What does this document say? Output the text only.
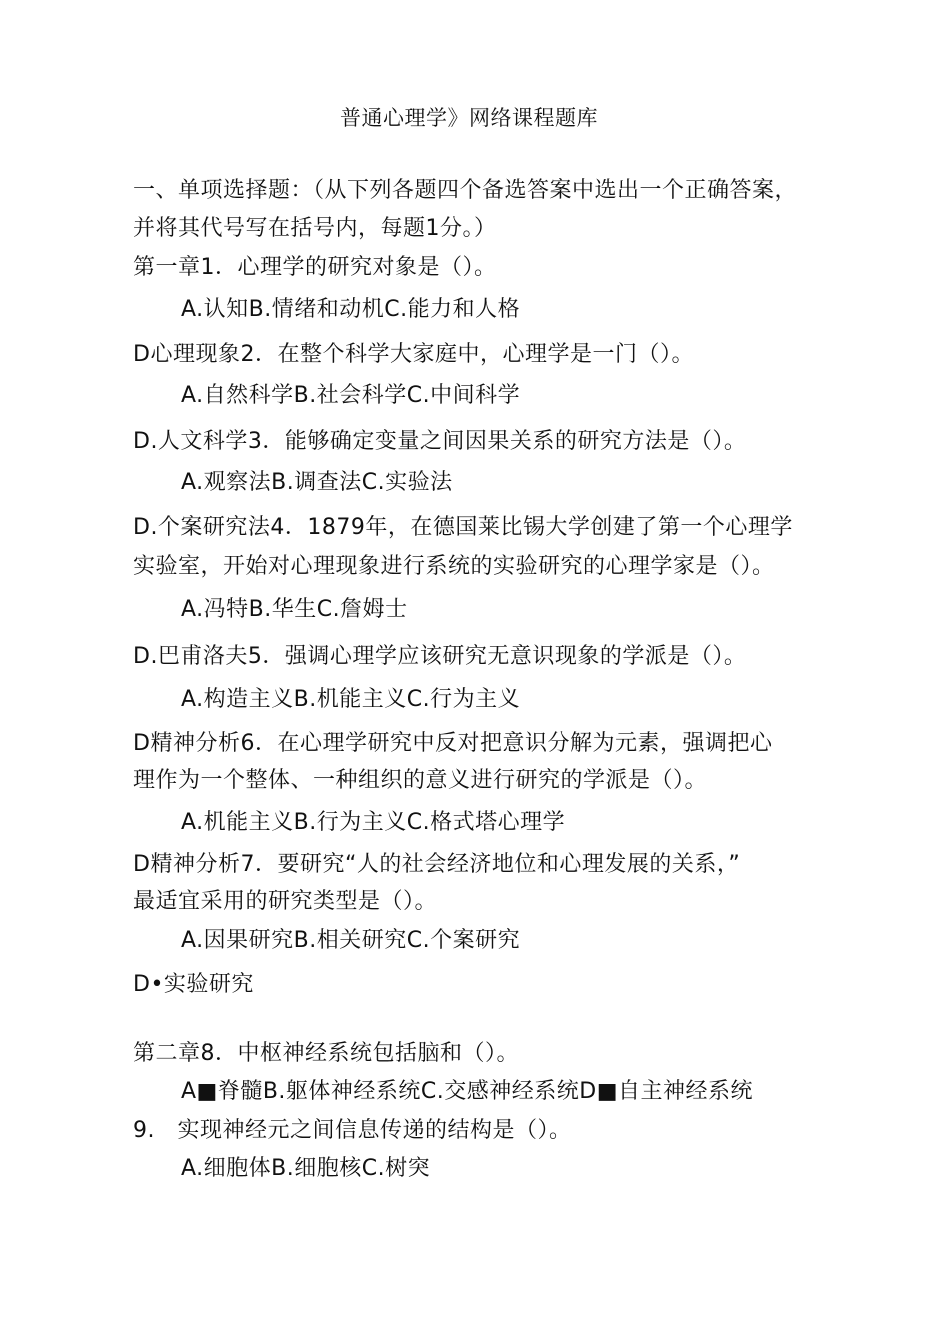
普通心理学》网络课程题库
一、单项选择题：（从下列各题四个备选答案中选出一个正确答案，
并将其代号写在括号内，每题1分。）
第一章1．心理学的研究对象是（）。
A.认知B.情绪和动机C.能力和人格
D心理现象2．在整个科学大家庭中，心理学是一门（）。
A.自然科学B.社会科学C.中间科学
D.人文科学3．能够确定变量之间因果关系的研究方法是（）。
A.观察法B.调查法C.实验法
D.个案研究法4．1879年，在德国莱比锡大学创建了第一个心理学
实验室，开始对心理现象进行系统的实验研究的心理学家是（）。
A.冯特B.华生C.詹姆士
D.巴甫洛夫5．强调心理学应该研究无意识现象的学派是（）。
A.构造主义B.机能主义C.行为主义
D精神分析6．在心理学研究中反对把意识分解为元素，强调把心
理作为一个整体、一种组织的意义进行研究的学派是（）。
A.机能主义B.行为主义C.格式塔心理学
D精神分析7．要研究“人的社会经济地位和心理发展的关系，”
最适宜采用的研究类型是（）。
A.因果研究B.相关研究C.个案研究
D•实验研究
第二章8．中枢神经系统包括脑和（）。
A■脊髓B.躯体神经系统C.交感神经系统D■自主神经系统
9.　实现神经元之间信息传递的结构是（）。
A.细胞体B.细胞核C.树突
